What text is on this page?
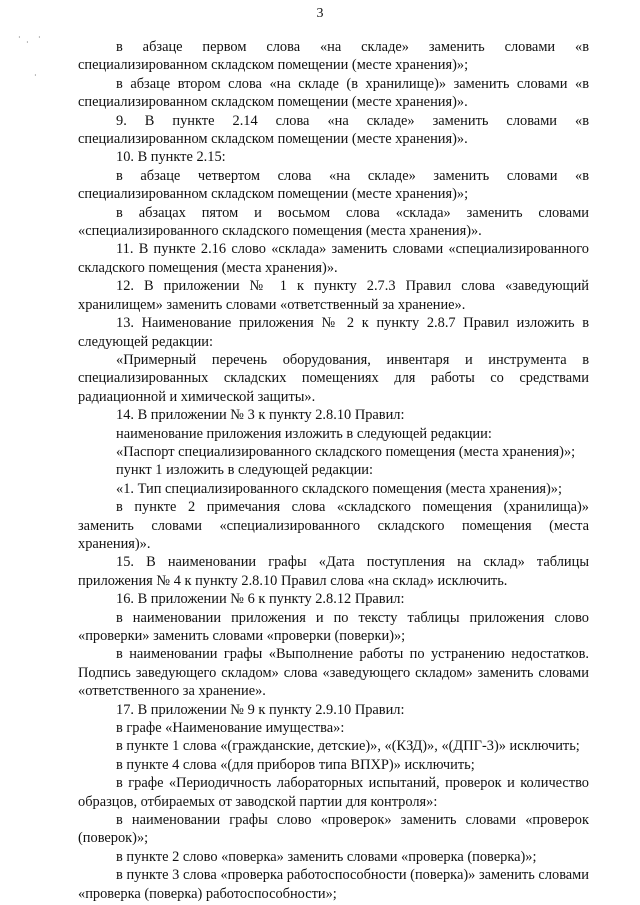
3
·
·
·
·

в абзаце первом слова «на складе» заменить словами «в специализированном складском помещении (месте хранения)»;

в абзаце втором слова «на складе (в хранилище)» заменить словами «в специализированном складском помещении (месте хранения)».

9. В пункте 2.14 слова «на складе» заменить словами «в специализированном складском помещении (месте хранения)».

10. В пункте 2.15:

в абзаце четвертом слова «на складе» заменить словами «в специализированном складском помещении (месте хранения)»;

в абзацах пятом и восьмом слова «склада» заменить словами «специализированного складского помещения (места хранения)».

11. В пункте 2.16 слово «склада» заменить словами «специализированного складского помещения (места хранения)».

12. В приложении № 1 к пункту 2.7.3 Правил слова «заведующий хранилищем» заменить словами «ответственный за хранение».

13. Наименование приложения № 2 к пункту 2.8.7 Правил изложить в следующей редакции:

«Примерный перечень оборудования, инвентаря и инструмента в специализированных складских помещениях для работы со средствами радиационной и химической защиты».

14. В приложении № 3 к пункту 2.8.10 Правил:

наименование приложения изложить в следующей редакции:

«Паспорт специализированного складского помещения (места хранения)»;

пункт 1 изложить в следующей редакции:

«1. Тип специализированного складского помещения (места хранения)»;

в пункте 2 примечания слова «складского помещения (хранилища)» заменить словами «специализированного складского помещения (места хранения)».

15. В наименовании графы «Дата поступления на склад» таблицы приложения № 4 к пункту 2.8.10 Правил слова «на склад» исключить.

16. В приложении № 6 к пункту 2.8.12 Правил:

в наименовании приложения и по тексту таблицы приложения слово «проверки» заменить словами «проверки (поверки)»;

в наименовании графы «Выполнение работы по устранению недостатков. Подпись заведующего складом» слова «заведующего складом» заменить словами «ответственного за хранение».

17. В приложении № 9 к пункту 2.9.10 Правил:

в графе «Наименование имущества»:

в пункте 1 слова «(гражданские, детские)», «(КЗД)», «(ДПГ-3)» исключить;

в пункте 4 слова «(для приборов типа ВПХР)» исключить;

в графе «Периодичность лабораторных испытаний, проверок и количество образцов, отбираемых от заводской партии для контроля»:

в наименовании графы слово «проверок» заменить словами «проверок (поверок)»;

в пункте 2 слово «поверка» заменить словами «проверка (поверка)»;

в пункте 3 слова «проверка работоспособности (поверка)» заменить словами «проверка (поверка) работоспособности»;
